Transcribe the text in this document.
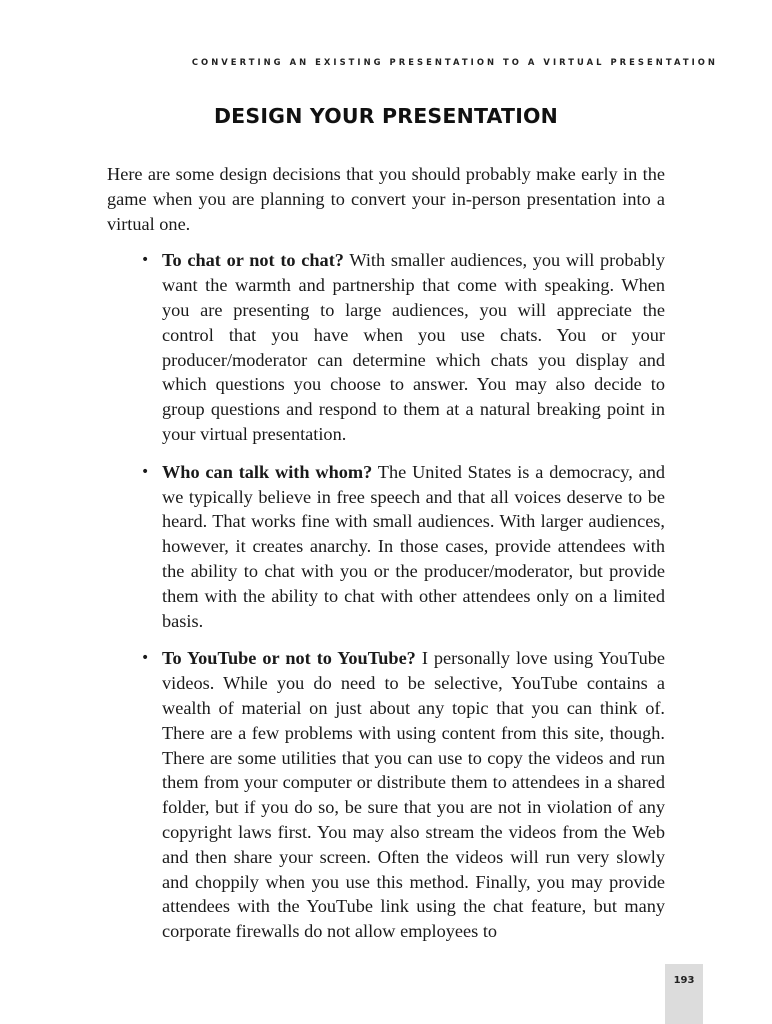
CONVERTING AN EXISTING PRESENTATION TO A VIRTUAL PRESENTATION
DESIGN YOUR PRESENTATION

Here are some design decisions that you should probably make early in the game when you are planning to convert your in-person presentation into a virtual one.

• To chat or not to chat? With smaller audiences, you will probably want the warmth and partnership that come with speaking. When you are presenting to large audiences, you will appreciate the control that you have when you use chats. You or your producer/moderator can determine which chats you display and which questions you choose to answer. You may also decide to group questions and respond to them at a natural breaking point in your virtual presentation.
• Who can talk with whom? The United States is a democracy, and we typically believe in free speech and that all voices deserve to be heard. That works fine with small audiences. With larger audiences, however, it creates anarchy. In those cases, provide attendees with the ability to chat with you or the producer/moderator, but provide them with the ability to chat with other attendees only on a limited basis.
• To YouTube or not to YouTube? I personally love using YouTube videos. While you do need to be selective, YouTube contains a wealth of material on just about any topic that you can think of. There are a few problems with using content from this site, though. There are some utilities that you can use to copy the videos and run them from your computer or distribute them to attendees in a shared folder, but if you do so, be sure that you are not in violation of any copyright laws first. You may also stream the videos from the Web and then share your screen. Often the videos will run very slowly and choppily when you use this method. Finally, you may provide attendees with the YouTube link using the chat feature, but many corporate firewalls do not allow employees to
193
